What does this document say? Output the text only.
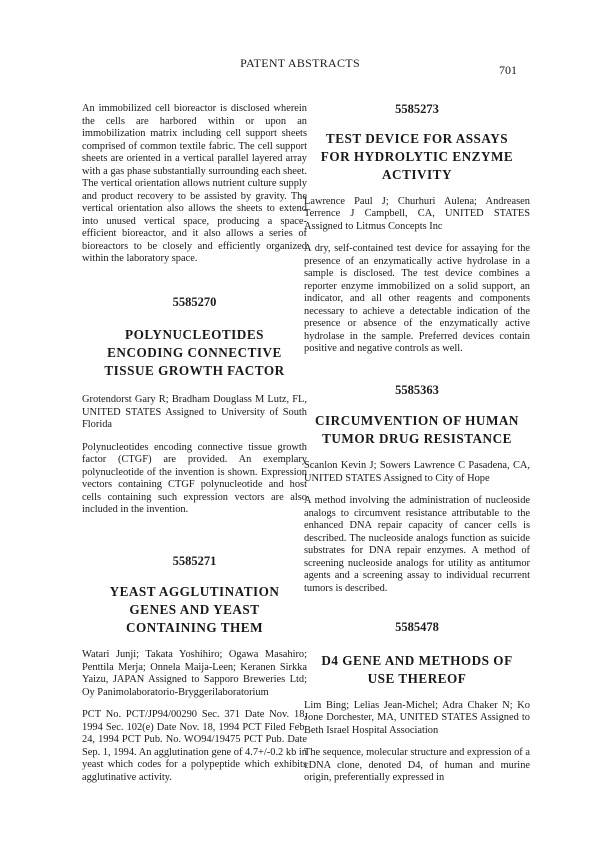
PATENT ABSTRACTS	701

An immobilized cell bioreactor is disclosed wherein the cells are harbored within or upon an immobilization matrix including cell support sheets comprised of common textile fabric. The cell support sheets are oriented in a vertical parallel layered array with a gas phase substantially surrounding each sheet. The vertical orientation allows nutrient culture supply and product recovery to be assisted by gravity. The vertical orientation also allows the sheets to extend into unused vertical space, producing a space-efficient bioreactor, and it also allows a series of bioreactors to be closely and efficiently organized within the laboratory space.

5585270

POLYNUCLEOTIDES

ENCODING CONNECTIVE

TISSUE GROWTH FACTOR

Grotendorst Gary R; Bradham Douglass M Lutz, FL, UNITED STATES Assigned to University of South Florida

Polynucleotides encoding connective tissue growth factor (CTGF) are provided. An exemplary polynucleotide of the invention is shown. Expression vectors containing CTGF polynucleotide and host cells containing such expression vectors are also included in the invention.

5585271

YEAST AGGLUTINATION

GENES AND YEAST

CONTAINING THEM

Watari Junji; Takata Yoshihiro; Ogawa Masahiro; Penttila Merja; Onnela Maija-Leen; Keranen Sirkka Yaizu, JAPAN Assigned to Sapporo Breweries Ltd; Oy Panimolaboratorio-Bryggerilaboratorium

PCT No. PCT/JP94/00290 Sec. 371 Date Nov. 18, 1994 Sec. 102(e) Date Nov. 18, 1994 PCT Filed Feb. 24, 1994 PCT Pub. No. WO94/19475 PCT Pub. Date Sep. 1, 1994. An agglutination gene of 4.7+/-0.2 kb in yeast which codes for a polypeptide which exhibits agglutinative activity.

5585273

TEST DEVICE FOR ASSAYS

FOR HYDROLYTIC ENZYME

ACTIVITY

Lawrence Paul J; Churhuri Aulena; Andreasen Terrence J Campbell, CA, UNITED STATES Assigned to Litmus Concepts Inc

A dry, self-contained test device for assaying for the presence of an enzymatically active hydrolase in a sample is disclosed. The test device combines a reporter enzyme immobilized on a solid support, an indicator, and all other reagents and components necessary to achieve a detectable indication of the presence or absence of the enzymatically active hydrolase in the sample. Preferred devices contain positive and negative controls as well.

5585363

CIRCUMVENTION OF HUMAN

TUMOR DRUG RESISTANCE

Scanlon Kevin J; Sowers Lawrence C Pasadena, CA, UNITED STATES Assigned to City of Hope

A method involving the administration of nucleoside analogs to circumvent resistance attributable to the enhanced DNA repair capacity of cancer cells is described. The nucleoside analogs function as suicide substrates for DNA repair enzymes. A method of screening nucleoside analogs for utility as antitumor agents and a screening assay to individual recurrent tumors is described.

5585478

D4 GENE AND METHODS OF

USE THEREOF

Lim Bing; Lelias Jean-Michel; Adra Chaker N; Ko Jone Dorchester, MA, UNITED STATES Assigned to Beth Israel Hospital Association

The sequence, molecular structure and expression of a cDNA clone, denoted D4, of human and murine origin, preferentially expressed in
